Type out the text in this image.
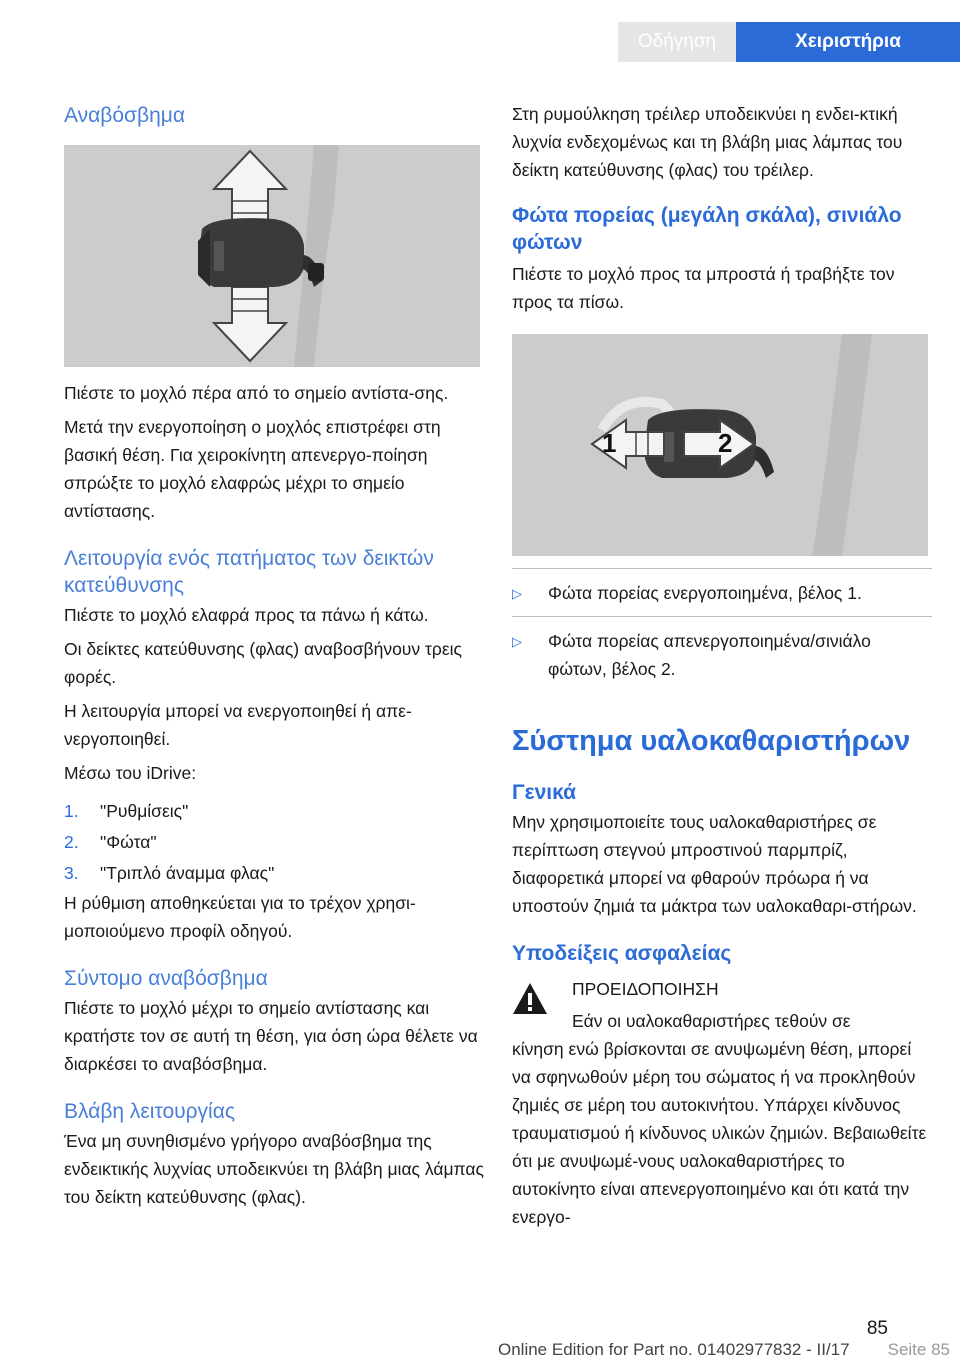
Οδήγηση	Χειριστήρια
Αναβόσβημα

Πιέστε το μοχλό πέρα από το σημείο αντίστα-σης.

Μετά την ενεργοποίηση ο μοχλός επιστρέφει στη βασική θέση. Για χειροκίνητη απενεργο-ποίηση σπρώξτε το μοχλό ελαφρώς μέχρι το σημείο αντίστασης.

Λειτουργία ενός πατήματος των δεικτών κατεύθυνσης

Πιέστε το μοχλό ελαφρά προς τα πάνω ή κάτω.

Οι δείκτες κατεύθυνσης (φλας) αναβοσβήνουν τρεις φορές.

Η λειτουργία μπορεί να ενεργοποιηθεί ή απε-νεργοποιηθεί.

Μέσω του iDrive:

1.	"Ρυθμίσεις"
2.	"Φώτα"
3.	"Τριπλό άναμμα φλας"

Η ρύθμιση αποθηκεύεται για το τρέχον χρησι-μοποιούμενο προφίλ οδηγού.

Σύντομο αναβόσβημα

Πιέστε το μοχλό μέχρι το σημείο αντίστασης και κρατήστε τον σε αυτή τη θέση, για όση ώρα θέλετε να διαρκέσει το αναβόσβημα.

Βλάβη λειτουργίας

Ένα μη συνηθισμένο γρήγορο αναβόσβημα της ενδεικτικής λυχνίας υποδεικνύει τη βλάβη μιας λάμπας του δείκτη κατεύθυνσης (φλας).

Στη ρυμούλκηση τρέιλερ υποδεικνύει η ενδει-κτική λυχνία ενδεχομένως και τη βλάβη μιας λάμπας του δείκτη κατεύθυνσης (φλας) του τρέιλερ.

Φώτα πορείας (μεγάλη σκάλα), σινιάλο φώτων

Πιέστε το μοχλό προς τα μπροστά ή τραβήξτε τον προς τα πίσω.

1	2
▷	Φώτα πορείας ενεργοποιημένα, βέλος 1.
▷	Φώτα πορείας απενεργοποιημένα/σινιάλο φώτων, βέλος 2.
Σύστημα υαλοκαθαριστήρων
Γενικά

Μην χρησιμοποιείτε τους υαλοκαθαριστήρες σε περίπτωση στεγνού μπροστινού παρμπρίζ, διαφορετικά μπορεί να φθαρούν πρόωρα ή να υποστούν ζημιά τα μάκτρα των υαλοκαθαρι-στήρων.

Υποδείξεις ασφαλείας

ΠΡΟΕΙΔΟΠΟΙΗΣΗ

Εάν οι υαλοκαθαριστήρες τεθούν σε

κίνηση ενώ βρίσκονται σε ανυψωμένη θέση, μπορεί να σφηνωθούν μέρη του σώματος ή να προκληθούν ζημιές σε μέρη του αυτοκινήτου. Υπάρχει κίνδυνος τραυματισμού ή κίνδυνος υλικών ζημιών. Βεβαιωθείτε ότι με ανυψωμέ-νους υαλοκαθαριστήρες το αυτοκίνητο είναι απενεργοποιημένο και ότι κατά την ενεργο-

85
Online Edition for Part no. 01402977832 - II/17 Seite 85
